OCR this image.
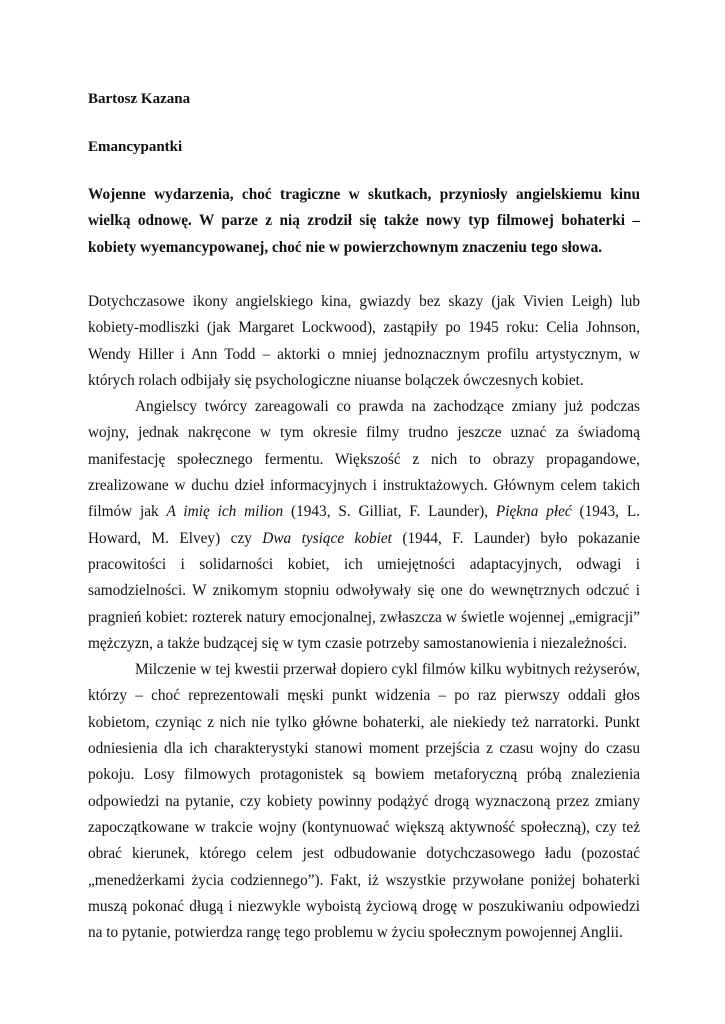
Bartosz Kazana
Emancypantki
Wojenne wydarzenia, choć tragiczne w skutkach, przyniosły angielskiemu kinu wielką odnowę. W parze z nią zrodził się także nowy typ filmowej bohaterki – kobiety wyemancypowanej, choć nie w powierzchownym znaczeniu tego słowa.

Dotychczasowe ikony angielskiego kina, gwiazdy bez skazy (jak Vivien Leigh) lub kobiety-modliszki (jak Margaret Lockwood), zastąpiły po 1945 roku: Celia Johnson, Wendy Hiller i Ann Todd – aktorki o mniej jednoznacznym profilu artystycznym, w których rolach odbijały się psychologiczne niuanse bolączek ówczesnych kobiet.

Angielscy twórcy zareagowali co prawda na zachodzące zmiany już podczas wojny, jednak nakręcone w tym okresie filmy trudno jeszcze uznać za świadomą manifestację społecznego fermentu. Większość z nich to obrazy propagandowe, zrealizowane w duchu dzieł informacyjnych i instruktażowych. Głównym celem takich filmów jak A imię ich milion (1943, S. Gilliat, F. Launder), Piękna płeć (1943, L. Howard, M. Elvey) czy Dwa tysiące kobiet (1944, F. Launder) było pokazanie pracowitości i solidarności kobiet, ich umiejętności adaptacyjnych, odwagi i samodzielności. W znikomym stopniu odwoływały się one do wewnętrznych odczuć i pragnień kobiet: rozterek natury emocjonalnej, zwłaszcza w świetle wojennej „emigracji” mężczyzn, a także budzącej się w tym czasie potrzeby samostanowienia i niezależności.

Milczenie w tej kwestii przerwał dopiero cykl filmów kilku wybitnych reżyserów, którzy – choć reprezentowali męski punkt widzenia – po raz pierwszy oddali głos kobietom, czyniąc z nich nie tylko główne bohaterki, ale niekiedy też narratorki. Punkt odniesienia dla ich charakterystyki stanowi moment przejścia z czasu wojny do czasu pokoju. Losy filmowych protagonistek są bowiem metaforyczną próbą znalezienia odpowiedzi na pytanie, czy kobiety powinny podążyć drogą wyznaczoną przez zmiany zapoczątkowane w trakcie wojny (kontynuować większą aktywność społeczną), czy też obrać kierunek, którego celem jest odbudowanie dotychczasowego ładu (pozostać „menedżerkami życia codziennego”). Fakt, iż wszystkie przywołane poniżej bohaterki muszą pokonać długą i niezwykle wyboistą życiową drogę w poszukiwaniu odpowiedzi na to pytanie, potwierdza rangę tego problemu w życiu społecznym powojennej Anglii.
